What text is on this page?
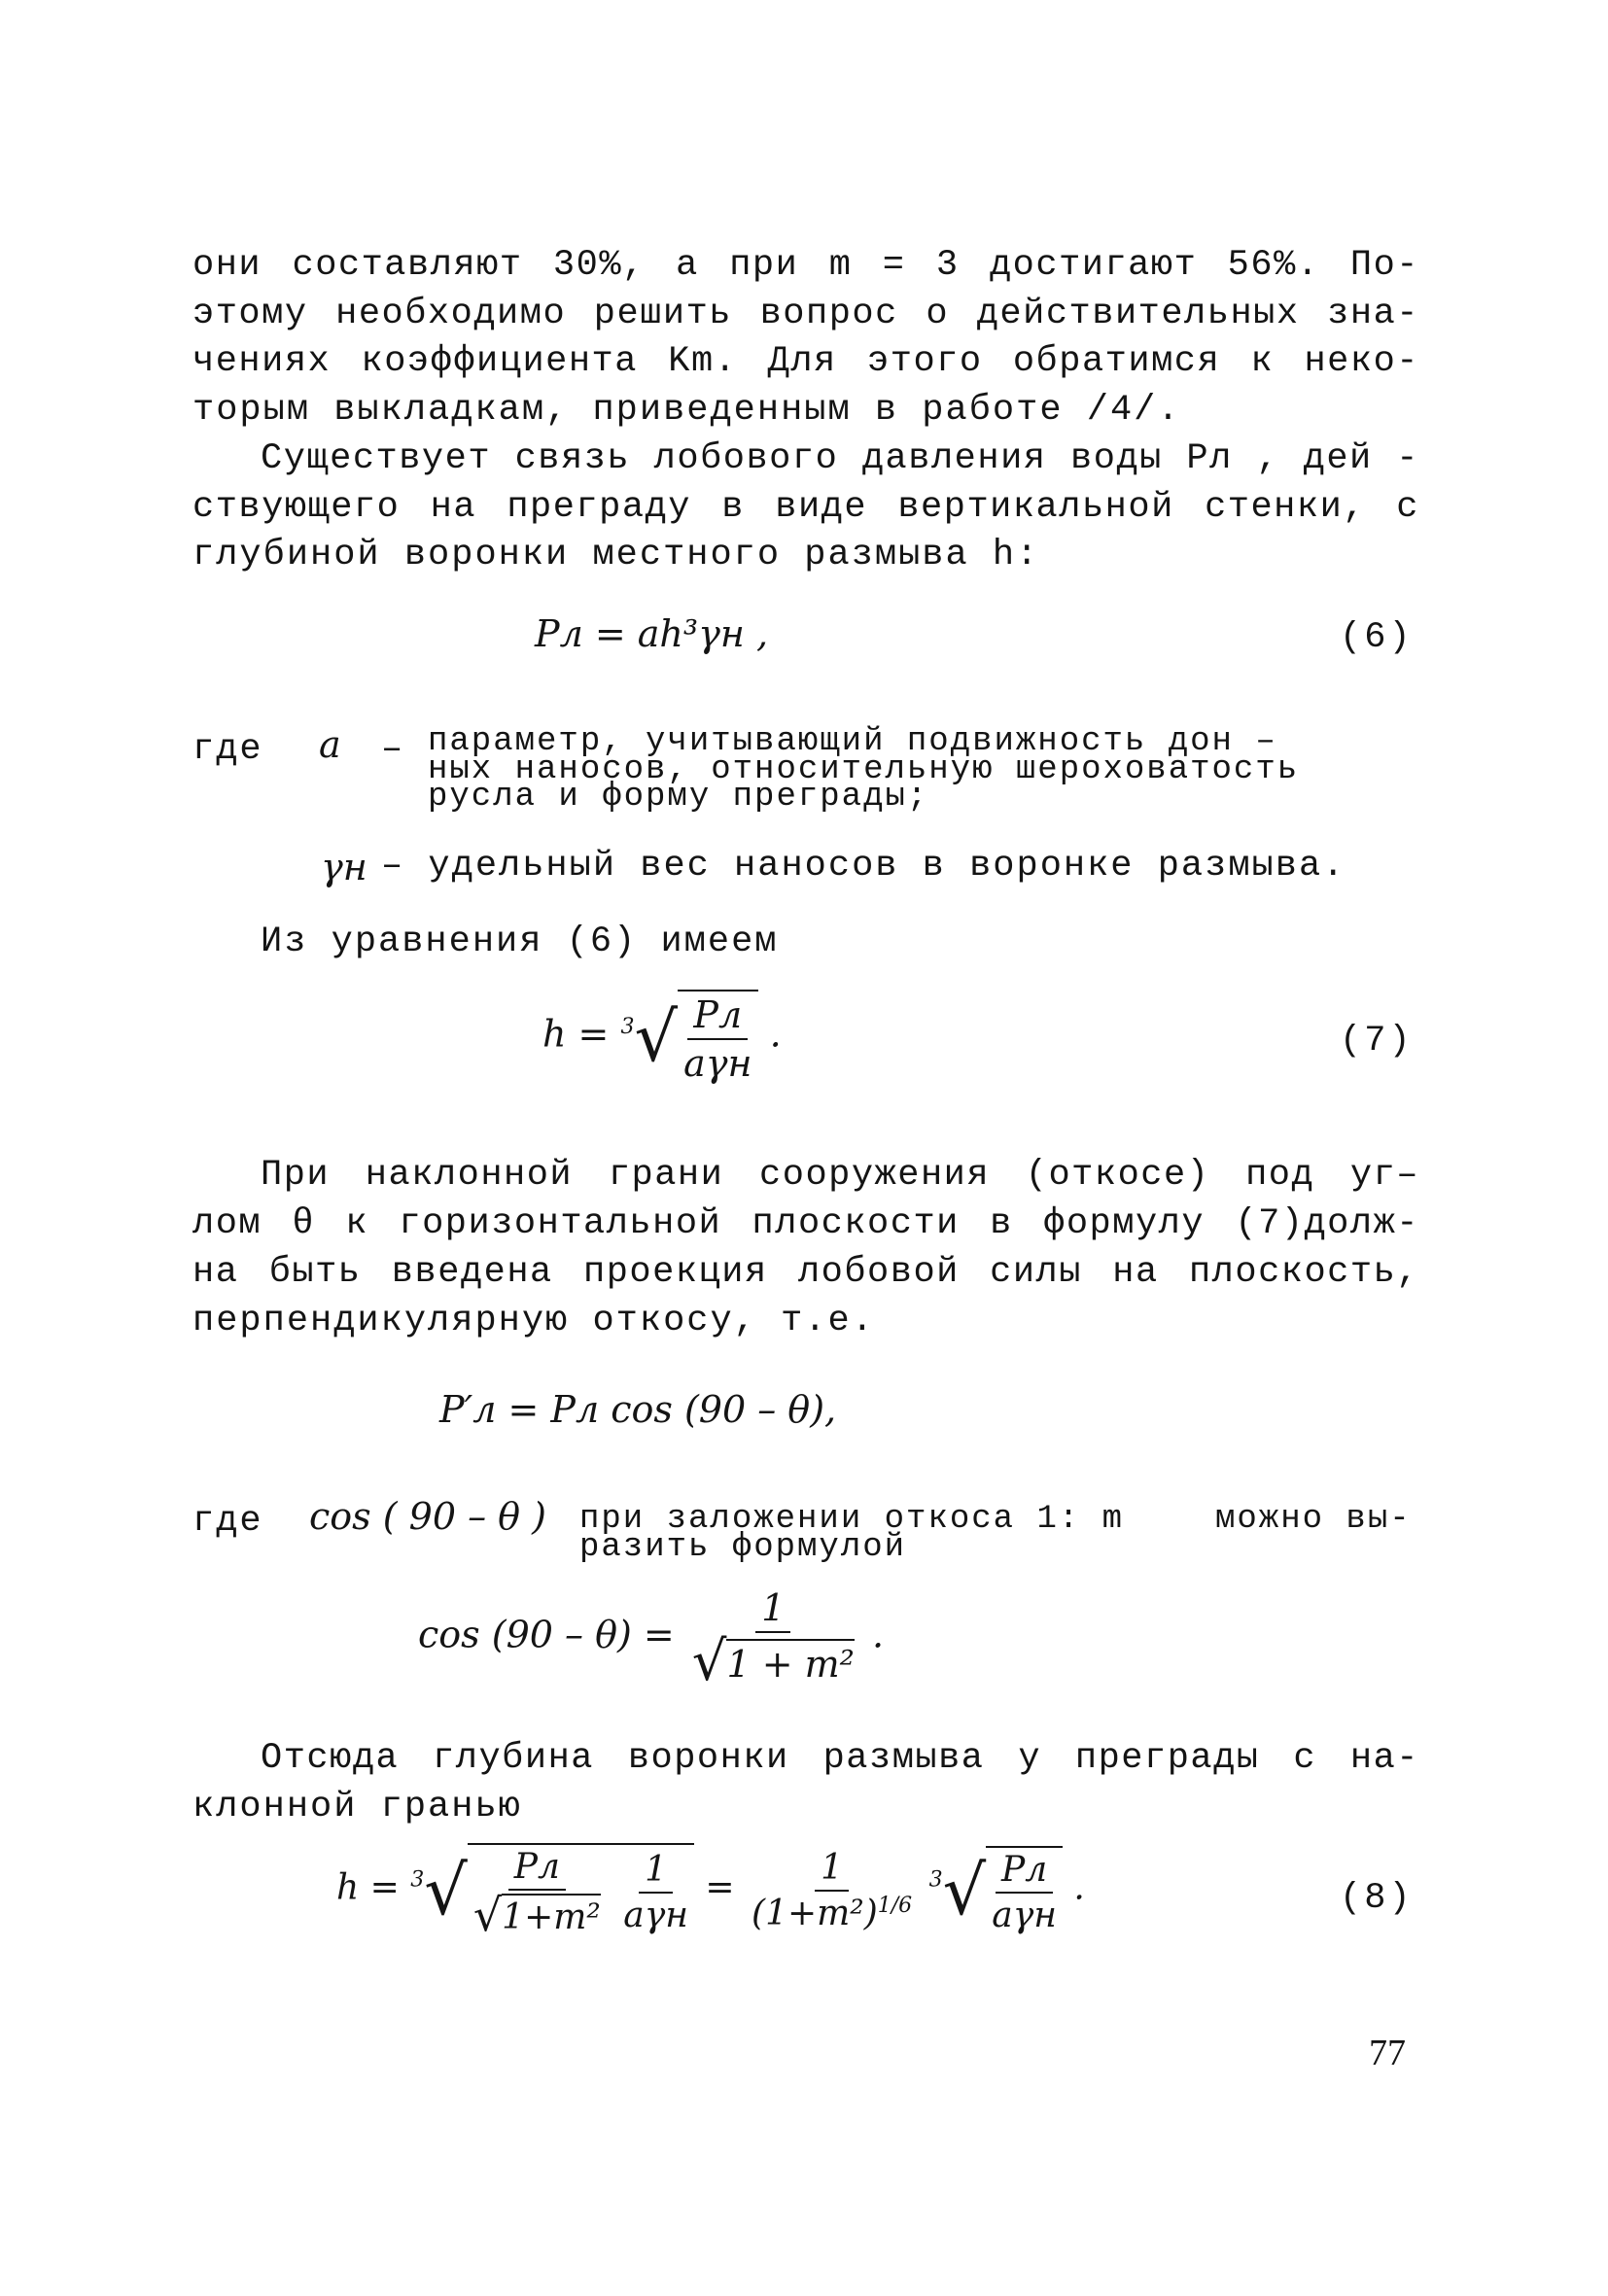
они составляют 30%, а при m = 3 достигают 56%. По-
этому необходимо решить вопрос о действительных зна-
чениях коэффициента Km. Для этого обратимся к неко-
торым выкладкам, приведенным в работе /4/.
Существует связь лобового давления воды Pл , дей -
ствующего на преграду в виде вертикальной стенки, с
глубиной воронки местного размыва h:
Pл = ah³γн ,	(6)
где a – параметр, учитывающий подвижность дон –
ных наносов, относительную шероховатость
русла и форму преграды;
γн – удельный вес наносов в воронке размыва.
Из уравнения (6) имеем
h = $^3$ √ $\frac{Pл}{\text{aγн}}$ .	(7)
При наклонной грани сооружения (откосе) под уг–
лом θ к горизонтальной плоскости в формулу (7)долж-
на быть введена проекция лобовой силы на плоскость,
перпендикулярную откосу, т.е.
P′л = Pл cos (90 – θ),
где cos ( 90 – θ ) при заложении откоса 1: m	можно вы-
разить формулой
$\cos (90 - \theta) = \frac{1}{\text{√ 1 + m²}}$ .
Отсюда глубина воронки размыва у преграды с на-
клонной гранью
h = $^3$ √ $\frac{Pл}{\text{√ 1+m²}}$
$\frac{1}{\text{aγн}} = \frac{1}{(1+m^2)^{1/6}} ^3$ √ $\frac{Pл}{\text{aγн}}$ .	(8)
77
